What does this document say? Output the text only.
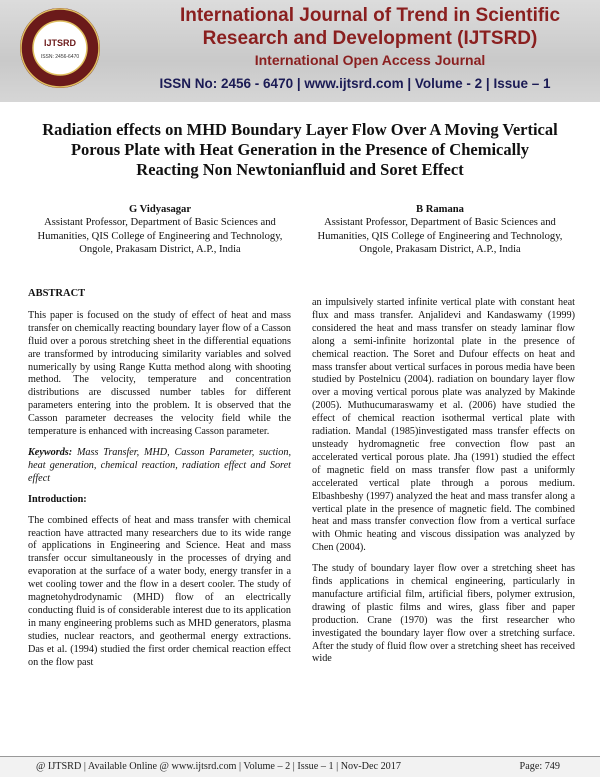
IJTSRD
ISSN: 2456-6470
International Journal of Trend in Scientific Research and Development (IJTSRD)
International Open Access Journal
ISSN No: 2456 - 6470 | www.ijtsrd.com | Volume - 2 | Issue – 1
Radiation effects on MHD Boundary Layer Flow Over A Moving Vertical Porous Plate with Heat Generation in the Presence of Chemically Reacting Non Newtonianfluid and Soret Effect
G Vidyasagar
Assistant Professor, Department of Basic Sciences and Humanities, QIS College of Engineering and Technology, Ongole, Prakasam District, A.P., India
B Ramana
Assistant Professor, Department of Basic Sciences and Humanities, QIS College of Engineering and Technology, Ongole, Prakasam District, A.P., India

ABSTRACT

This paper is focused on the study of effect of heat and mass transfer on chemically reacting boundary layer flow of a Casson fluid over a porous stretching sheet in the differential equations are transformed by introducing similarity variables and solved numerically by using Range Kutta method along with shooting method. The velocity, temperature and concentration distributions are discussed number tables for different parameters entering into the problem. It is observed that the Casson parameter decreases the velocity field while the temperature is enhanced with increasing Casson parameter.

Keywords: Mass Transfer, MHD, Casson Parameter, suction, heat generation, chemical reaction, radiation effect and Soret effect

Introduction:

The combined effects of heat and mass transfer with chemical reaction have attracted many researchers due to its wide range of applications in Engineering and Science. Heat and mass transfer occur simultaneously in the processes of drying and evaporation at the surface of a water body, energy transfer in a wet cooling tower and the flow in a desert cooler. The study of magnetohydrodynamic (MHD) flow of an electrically conducting fluid is of considerable interest due to its application in many engineering problems such as MHD generators, plasma studies, nuclear reactors, and geothermal energy extractions. Das et al. (1994) studied the first order chemical reaction effect on the flow past

an impulsively started infinite vertical plate with constant heat flux and mass transfer. Anjalidevi and Kandaswamy (1999) considered the heat and mass transfer on steady laminar flow along a semi-infinite horizontal plate in the presence of chemical reaction. The Soret and Dufour effects on heat and mass transfer about vertical surfaces in porous media have been studied by Postelnicu (2004). radiation on boundary layer flow over a moving vertical porous plate was analyzed by Makinde (2005). Muthucumaraswamy et al. (2006) have studied the effect of chemical reaction isothermal vertical plate with radiation. Mandal (1985)investigated mass transfer effects on unsteady hydromagnetic free convection flow past an accelerated vertical porous plate. Jha (1991) studied the effect of magnetic field on mass transfer flow past a uniformly accelerated vertical plate through a porous medium. Elbashbeshy (1997) analyzed the heat and mass transfer along a vertical plate in the presence of magnetic field. The combined heat and mass transfer convection flow from a vertical surface with Ohmic heating and viscous dissipation was analyzed by Chen (2004).

The study of boundary layer flow over a stretching sheet has finds applications in chemical engineering, particularly in manufacture artificial film, artificial fibers, polymer extrusion, drawing of plastic films and wires, glass fiber and paper production. Crane (1970) was the first researcher who investigated the boundary layer flow over a stretching surface. After the study of fluid flow over a stretching sheet has received wide

@ IJTSRD | Available Online @ www.ijtsrd.com | Volume – 2 | Issue – 1 | Nov-Dec 2017	Page: 749
